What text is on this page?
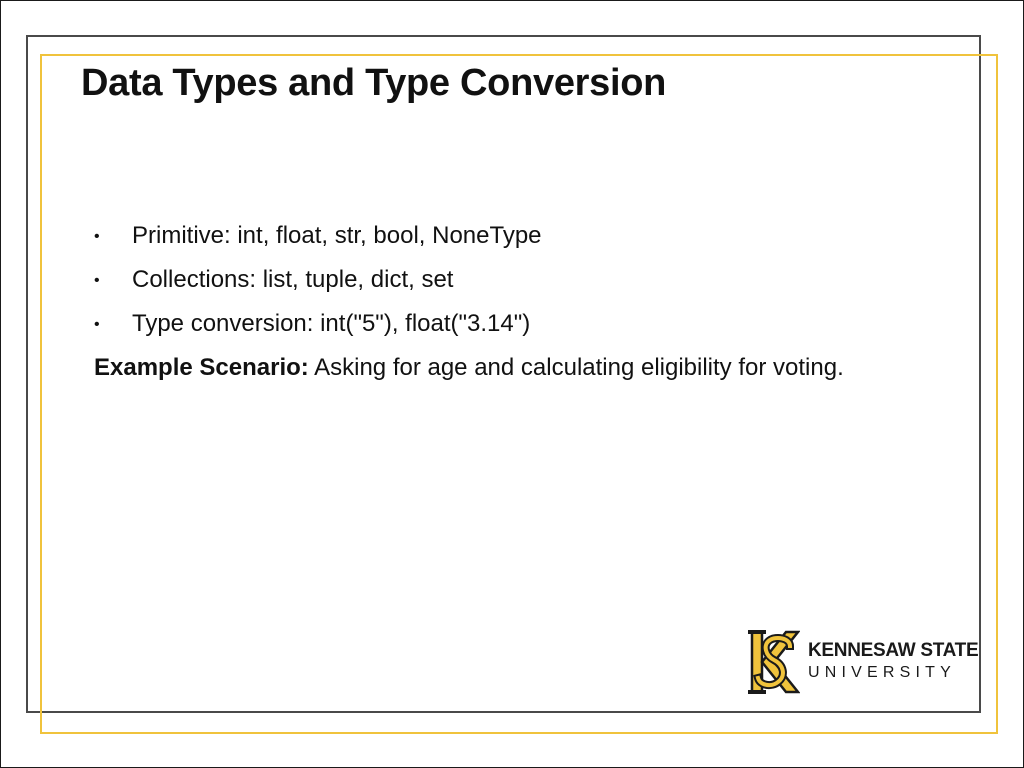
Data Types and Type Conversion
• Primitive: int, float, str, bool, NoneType
• Collections: list, tuple, dict, set
• Type conversion: int("5"), float("3.14")

Example Scenario: Asking for age and calculating eligibility for voting.

KENNESAW STATE
UNIVERSITY
